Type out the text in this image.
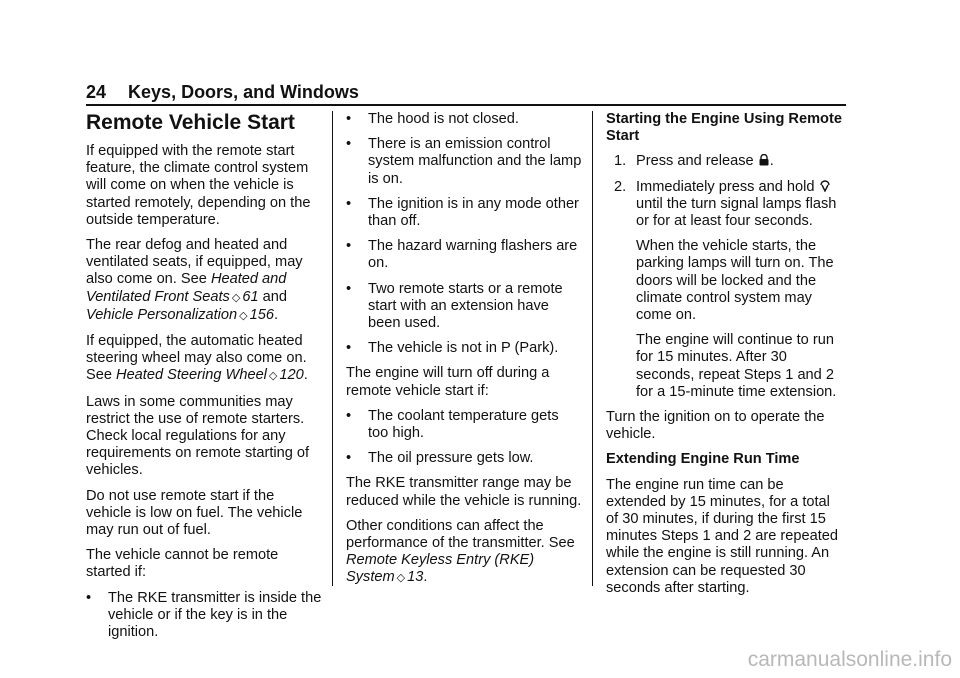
24 Keys, Doors, and Windows
Remote Vehicle Start

If equipped with the remote start feature, the climate control system will come on when the vehicle is started remotely, depending on the outside temperature.

The rear defog and heated and ventilated seats, if equipped, may also come on. See Heated and Ventilated Front Seats ◇ 61 and Vehicle Personalization ◇ 156.

If equipped, the automatic heated steering wheel may also come on. See Heated Steering Wheel ◇ 120.

Laws in some communities may restrict the use of remote starters. Check local regulations for any requirements on remote starting of vehicles.

Do not use remote start if the vehicle is low on fuel. The vehicle may run out of fuel.

The vehicle cannot be remote started if:

• The RKE transmitter is inside the vehicle or if the key is in the ignition.
• The hood is not closed.
• There is an emission control system malfunction and the lamp is on.
• The ignition is in any mode other than off.
• The hazard warning flashers are on.
• Two remote starts or a remote start with an extension have been used.
• The vehicle is not in P (Park).

The engine will turn off during a remote vehicle start if:

• The coolant temperature gets too high.
• The oil pressure gets low.

The RKE transmitter range may be reduced while the vehicle is running.

Other conditions can affect the performance of the transmitter. See Remote Keyless Entry (RKE) System ◇ 13.

Starting the Engine Using Remote Start

1. Press and release .
2. Immediately press and hold
until the turn signal lamps flash or for at least four seconds.

When the vehicle starts, the parking lamps will turn on. The doors will be locked and the climate control system may come on.

The engine will continue to run for 15 minutes. After 30 seconds, repeat Steps 1 and 2 for a 15-minute time extension.

Turn the ignition on to operate the vehicle.

Extending Engine Run Time

The engine run time can be extended by 15 minutes, for a total of 30 minutes, if during the first 15 minutes Steps 1 and 2 are repeated while the engine is still running. An extension can be requested 30 seconds after starting.

carmanualsonline.info
